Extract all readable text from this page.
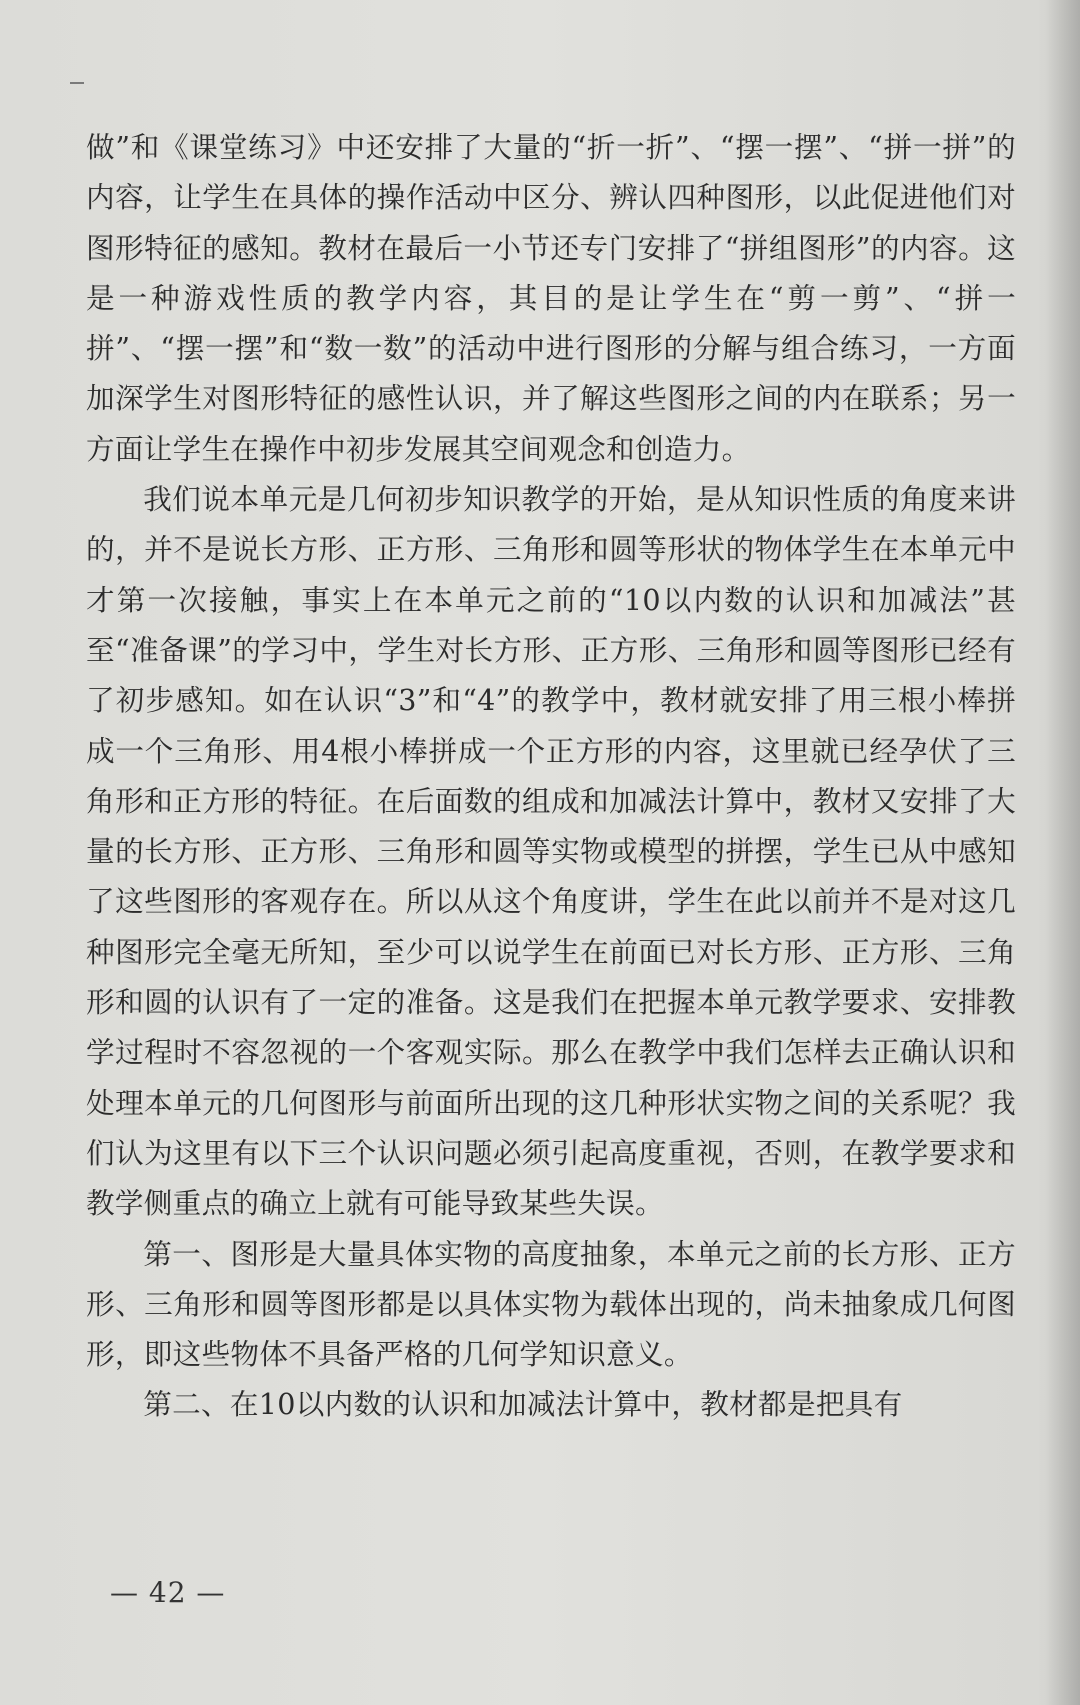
做”和《课堂练习》中还安排了大量的“折一折”、“摆一摆”、“拼一拼”的内容，让学生在具体的操作活动中区分、辨认四种图形，以此促进他们对图形特征的感知。教材在最后一小节还专门安排了“拼组图形”的内容。这是一种游戏性质的教学内容，其目的是让学生在“剪一剪”、“拼一拼”、“摆一摆”和“数一数”的活动中进行图形的分解与组合练习，一方面加深学生对图形特征的感性认识，并了解这些图形之间的内在联系；另一方面让学生在操作中初步发展其空间观念和创造力。

我们说本单元是几何初步知识教学的开始，是从知识性质的角度来讲的，并不是说长方形、正方形、三角形和圆等形状的物体学生在本单元中才第一次接触，事实上在本单元之前的“10以内数的认识和加减法”甚至“准备课”的学习中，学生对长方形、正方形、三角形和圆等图形已经有了初步感知。如在认识“3”和“4”的教学中，教材就安排了用三根小棒拼成一个三角形、用4根小棒拼成一个正方形的内容，这里就已经孕伏了三角形和正方形的特征。在后面数的组成和加减法计算中，教材又安排了大量的长方形、正方形、三角形和圆等实物或模型的拼摆，学生已从中感知了这些图形的客观存在。所以从这个角度讲，学生在此以前并不是对这几种图形完全毫无所知，至少可以说学生在前面已对长方形、正方形、三角形和圆的认识有了一定的准备。这是我们在把握本单元教学要求、安排教学过程时不容忽视的一个客观实际。那么在教学中我们怎样去正确认识和处理本单元的几何图形与前面所出现的这几种形状实物之间的关系呢？我们认为这里有以下三个认识问题必须引起高度重视，否则，在教学要求和教学侧重点的确立上就有可能导致某些失误。

第一、图形是大量具体实物的高度抽象，本单元之前的长方形、正方形、三角形和圆等图形都是以具体实物为载体出现的，尚未抽象成几何图形，即这些物体不具备严格的几何学知识意义。

第二、在10以内数的认识和加减法计算中，教材都是把具有

— 42 —
